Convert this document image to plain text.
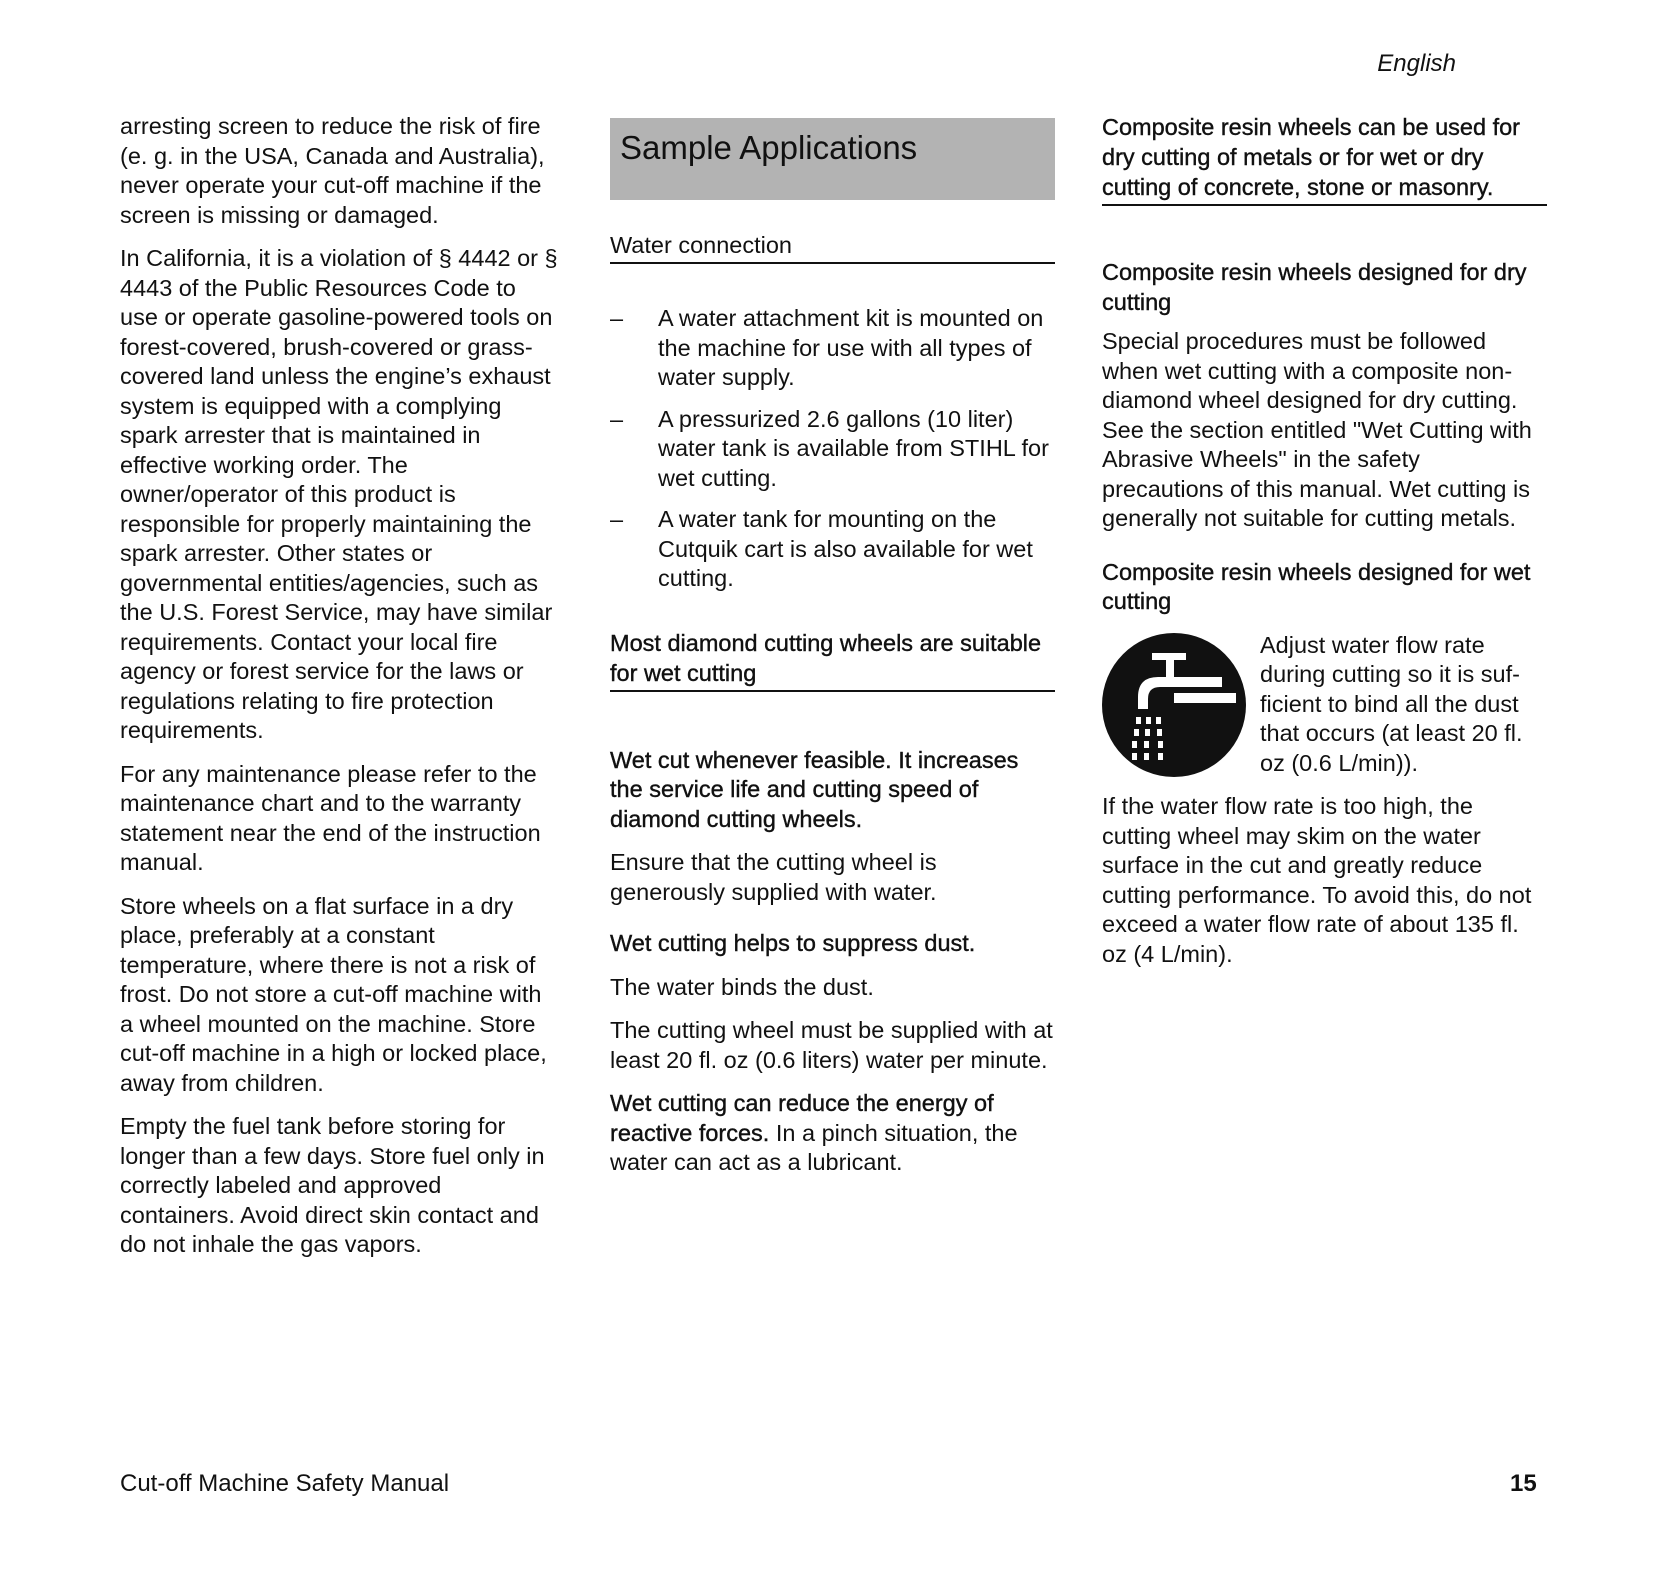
English

arresting screen to reduce the risk of fire (e. g. in the USA, Canada and Australia), never operate your cut-off machine if the screen is missing or damaged.

In California, it is a violation of § 4442 or § 4443 of the Public Resources Code to use or operate gasoline-powered tools on forest-covered, brush-covered or grass-covered land unless the engine’s exhaust system is equipped with a complying spark arrester that is maintained in effective working order. The owner/operator of this product is responsible for properly maintaining the spark arrester. Other states or governmental entities/agencies, such as the U.S. Forest Service, may have similar requirements. Contact your local fire agency or forest service for the laws or regulations relating to fire protection requirements.

For any maintenance please refer to the maintenance chart and to the warranty statement near the end of the instruction manual.

Store wheels on a flat surface in a dry place, preferably at a constant temperature, where there is not a risk of frost. Do not store a cut-off machine with a wheel mounted on the machine. Store cut-off machine in a high or locked place, away from children.

Empty the fuel tank before storing for longer than a few days. Store fuel only in correctly labeled and approved containers. Avoid direct skin contact and do not inhale the gas vapors.

Sample Applications
Water connection
– A water attachment kit is mounted on the machine for use with all types of water supply.
– A pressurized 2.6 gallons (10 liter) water tank is available from STIHL for wet cutting.
– A water tank for mounting on the Cutquik cart is also available for wet cutting.
Most diamond cutting wheels are suitable for wet cutting

Wet cut whenever feasible. It increases the service life and cutting speed of diamond cutting wheels.

Ensure that the cutting wheel is generously supplied with water.

Wet cutting helps to suppress dust.

The water binds the dust.

The cutting wheel must be supplied with at least 20 fl. oz (0.6 liters) water per minute.

Wet cutting can reduce the energy of reactive forces. In a pinch situation, the water can act as a lubricant.

Composite resin wheels can be used for dry cutting of metals or for wet or dry cutting of concrete, stone or masonry.

Composite resin wheels designed for dry cutting

Special procedures must be followed when wet cutting with a composite non-diamond wheel designed for dry cutting. See the section entitled "Wet Cutting with Abrasive Wheels" in the safety precautions of this manual. Wet cutting is generally not suitable for cutting metals.

Composite resin wheels designed for wet cutting

Adjust water flow rate during cutting so it is suf-ficient to bind all the dust that occurs (at least 20 fl. oz (0.6 L/min)).

If the water flow rate is too high, the cutting wheel may skim on the water surface in the cut and greatly reduce cutting performance. To avoid this, do not exceed a water flow rate of about 135 fl. oz (4 L/min).

Cut-off Machine Safety Manual	15
